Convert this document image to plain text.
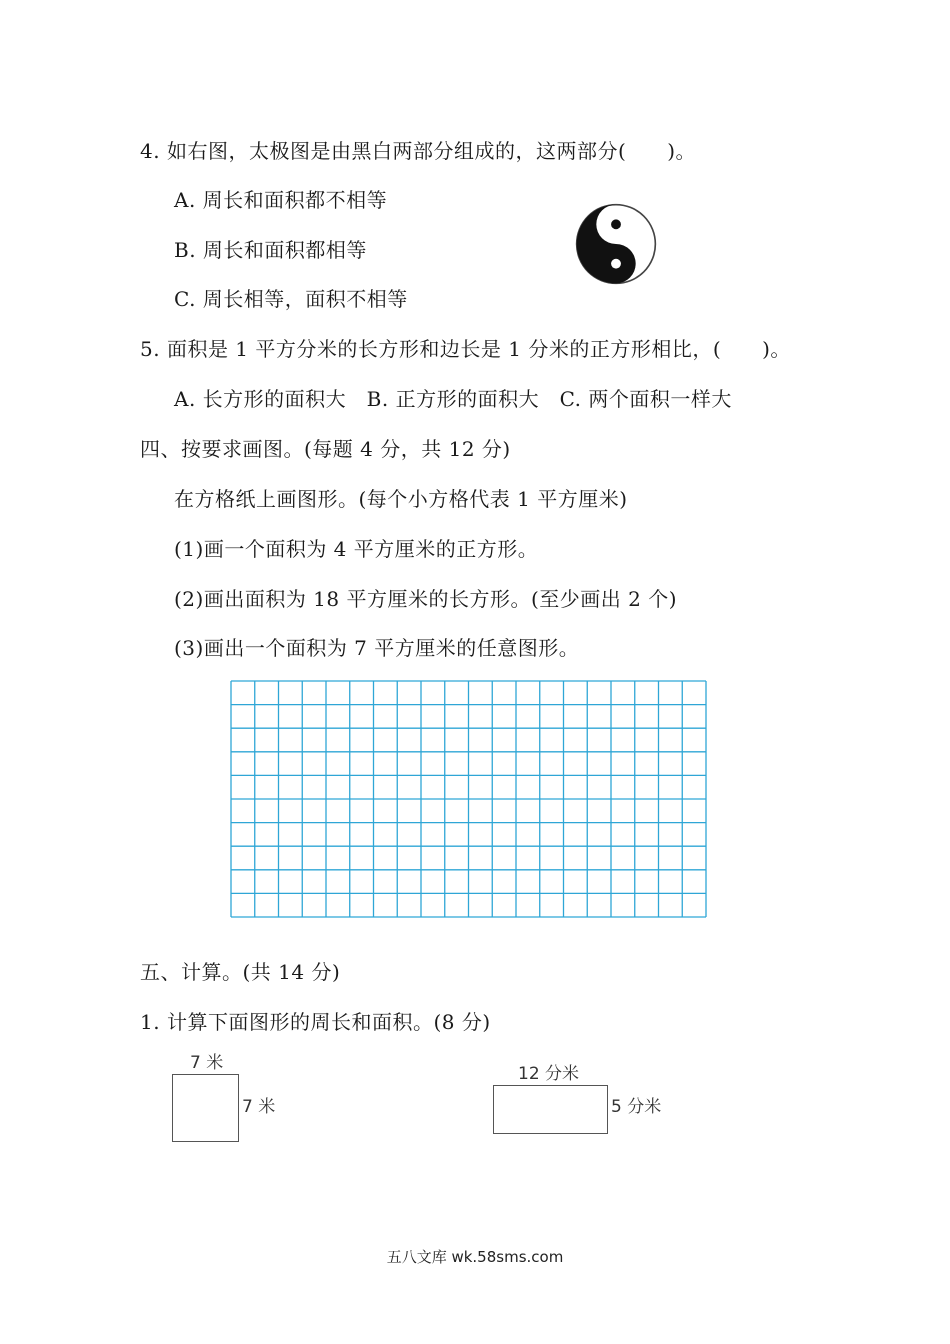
4. 如右图，太极图是由黑白两部分组成的，这两部分(　　)。
A. 周长和面积都不相等
B. 周长和面积都相等
C. 周长相等，面积不相等
5. 面积是 1 平方分米的长方形和边长是 1 分米的正方形相比，(　　)。
A. 长方形的面积大　B. 正方形的面积大　C. 两个面积一样大
四、按要求画图。(每题 4 分，共 12 分)
在方格纸上画图形。(每个小方格代表 1 平方厘米)
(1)画一个面积为 4 平方厘米的正方形。
(2)画出面积为 18 平方厘米的长方形。(至少画出 2 个)
(3)画出一个面积为 7 平方厘米的任意图形。
五、计算。(共 14 分)
1. 计算下面图形的周长和面积。(8 分)
7 米
7 米
12 分米
5 分米
五八文库 wk.58sms.com
